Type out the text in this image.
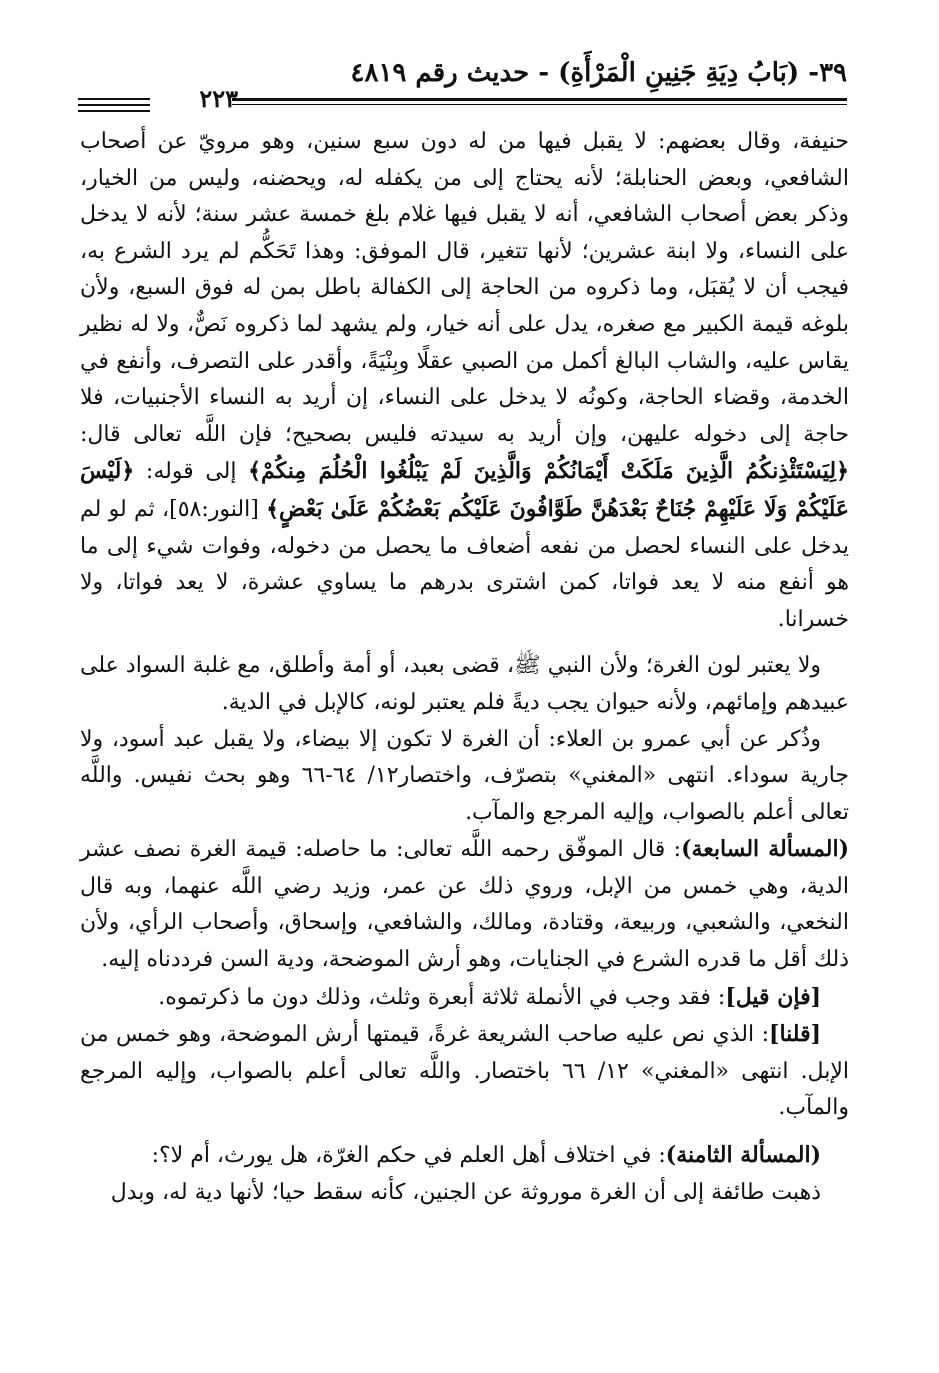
٣٩- (بَابُ دِيَةِ جَنِينِ الْمَرْأَةِ) - حديث رقم ٤٨١٩
٢٢٣

حنيفة، وقال بعضهم: لا يقبل فيها من له دون سبع سنين، وهو مرويّ عن أصحاب الشافعي، وبعض الحنابلة؛ لأنه يحتاج إلى من يكفله له، ويحضنه، وليس من الخيار، وذكر بعض أصحاب الشافعي، أنه لا يقبل فيها غلام بلغ خمسة عشر سنة؛ لأنه لا يدخل على النساء، ولا ابنة عشرين؛ لأنها تتغير، قال الموفق: وهذا تَحَكُّم لم يرد الشرع به، فيجب أن لا يُقبَل، وما ذكروه من الحاجة إلى الكفالة باطل بمن له فوق السبع، ولأن بلوغه قيمة الكبير مع صغره، يدل على أنه خيار، ولم يشهد لما ذكروه نَصٌّ، ولا له نظير يقاس عليه، والشاب البالغ أكمل من الصبي عقلًا وبِنْيَةً، وأقدر على التصرف، وأنفع في الخدمة، وقضاء الحاجة، وكونُه لا يدخل على النساء، إن أريد به النساء الأجنبيات، فلا حاجة إلى دخوله عليهن، وإن أريد به سيدته فليس بصحيح؛ فإن اللَّه تعالى قال: ﴿لِيَسْتَئْذِنكُمُ الَّذِينَ مَلَكَتْ أَيْمَانُكُمْ وَالَّذِينَ لَمْ يَبْلُغُوا الْحُلُمَ مِنكُمْ﴾ إلى قوله: ﴿لَيْسَ عَلَيْكُمْ وَلَا عَلَيْهِمْ جُنَاحٌ بَعْدَهُنَّ طَوَّافُونَ عَلَيْكُم بَعْضُكُمْ عَلَىٰ بَعْضٍ﴾ [النور:٥٨]، ثم لو لم يدخل على النساء لحصل من نفعه أضعاف ما يحصل من دخوله، وفوات شيء إلى ما هو أنفع منه لا يعد فواتا، كمن اشترى بدرهم ما يساوي عشرة، لا يعد فواتا، ولا خسرانا.

ولا يعتبر لون الغرة؛ ولأن النبي ﷺ، قضى بعبد، أو أمة وأطلق، مع غلبة السواد على عبيدهم وإمائهم، ولأنه حيوان يجب ديةً فلم يعتبر لونه، كالإبل في الدية.

وذُكر عن أبي عمرو بن العلاء: أن الغرة لا تكون إلا بيضاء، ولا يقبل عبد أسود، ولا جارية سوداء. انتهى «المغني» بتصرّف، واختصار١٢/ ٦٤-٦٦ وهو بحث نفيس. واللَّه تعالى أعلم بالصواب، وإليه المرجع والمآب.

(المسألة السابعة): قال الموفّق رحمه اللَّه تعالى: ما حاصله: قيمة الغرة نصف عشر الدية، وهي خمس من الإبل، وروي ذلك عن عمر، وزيد رضي اللَّه عنهما، وبه قال النخعي، والشعبي، وربيعة، وقتادة، ومالك، والشافعي، وإسحاق، وأصحاب الرأي، ولأن ذلك أقل ما قدره الشرع في الجنايات، وهو أرش الموضحة، ودية السن فرددناه إليه.

[فإن قيل]: فقد وجب في الأنملة ثلاثة أبعرة وثلث، وذلك دون ما ذكرتموه.

[قلنا]: الذي نص عليه صاحب الشريعة غرةً، قيمتها أرش الموضحة، وهو خمس من الإبل. انتهى «المغني» ١٢/ ٦٦ باختصار. واللَّه تعالى أعلم بالصواب، وإليه المرجع والمآب.

(المسألة الثامنة): في اختلاف أهل العلم في حكم الغرّة، هل يورث، أم لا؟:

ذهبت طائفة إلى أن الغرة موروثة عن الجنين، كأنه سقط حيا؛ لأنها دية له، وبدل
